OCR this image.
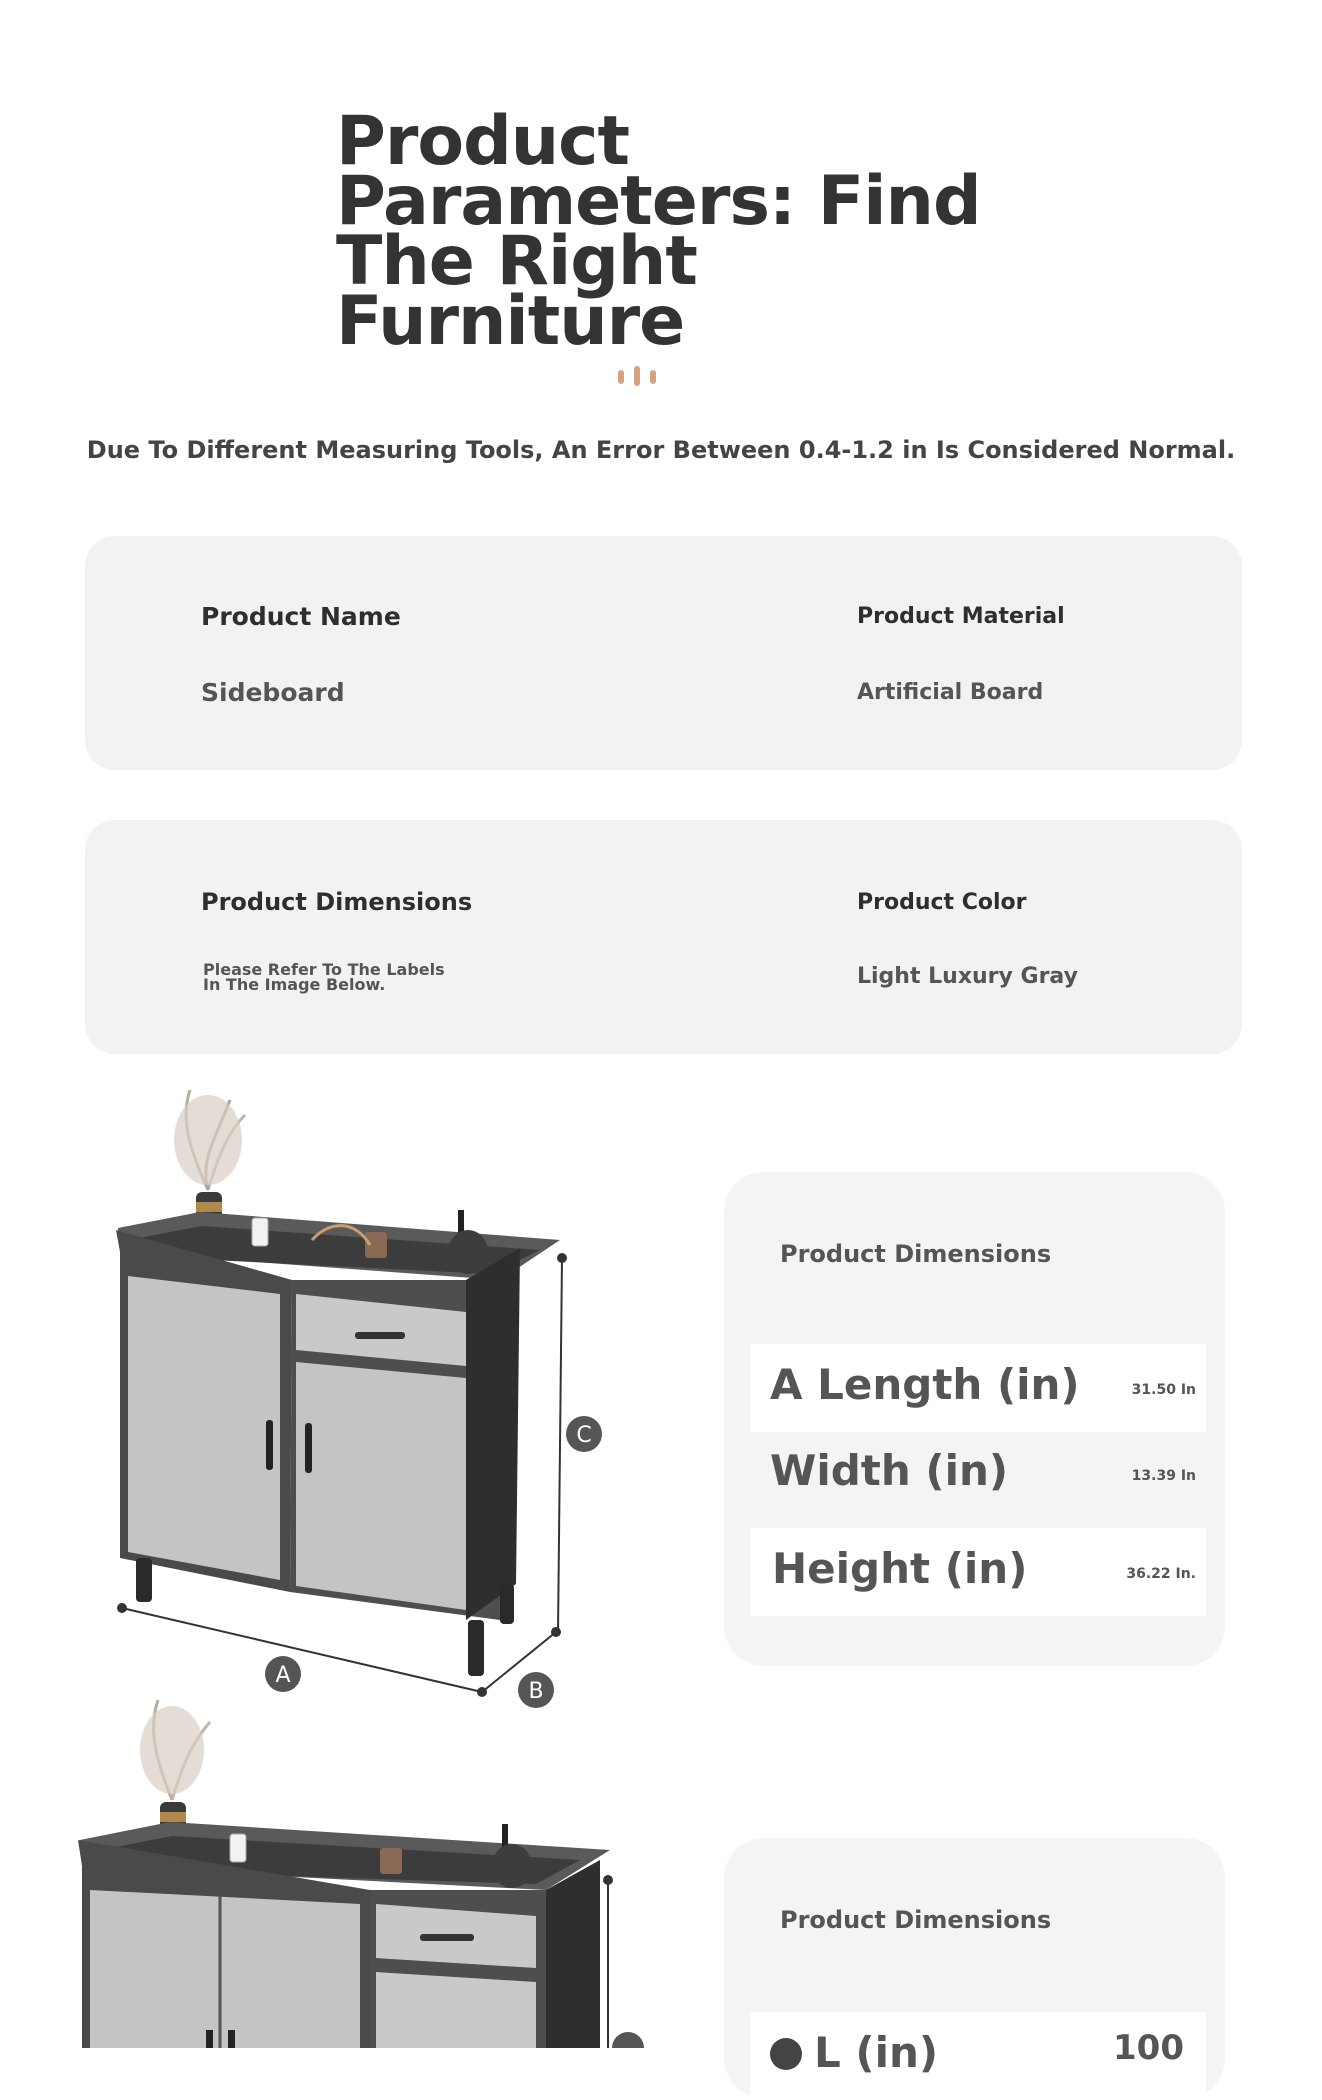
Product Parameters: Find The Right Furniture
Due To Different Measuring Tools, An Error Between 0.4-1.2 in Is Considered Normal.
Product Name
Sideboard
Product Material
Artificial Board
Product Dimensions
Please Refer To The Labels In The Image Below.
Product Color
Light Luxury Gray
A
B
C
Product Dimensions
A Length (in)	31.50 In
Width (in)	13.39 In
Height (in)	36.22 In.
Product Dimensions
L (in)	100
